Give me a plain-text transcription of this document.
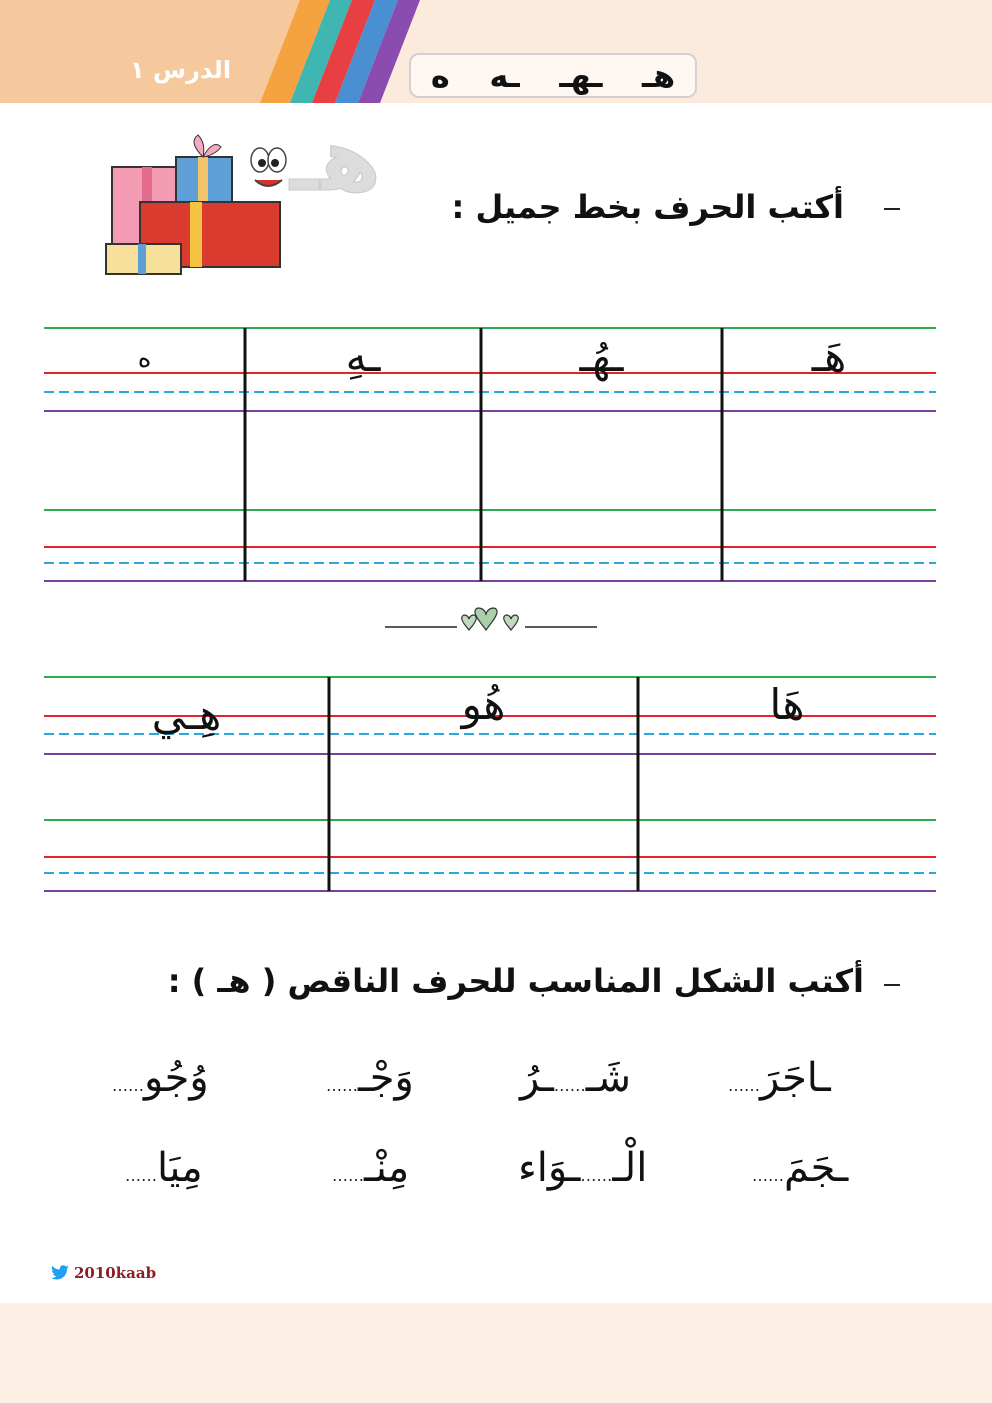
الدرس ١	هـ
ـهـ
ـه
ه
هـ أكتب الحرف بخط جميل :
هَـ
ـهُـ
ـهِ
ه
هَا
هُو
هِـي
أكتب الشكل المناسب للحرف الناقص ( هـ ) :
ـاجَرَ……
شَـ……ـرُ
وَجْـ……
وُجُو……
ـجَمَ……
الْـ……ـوَاء
مِنْـ……
مِيَا……
2010kaab
